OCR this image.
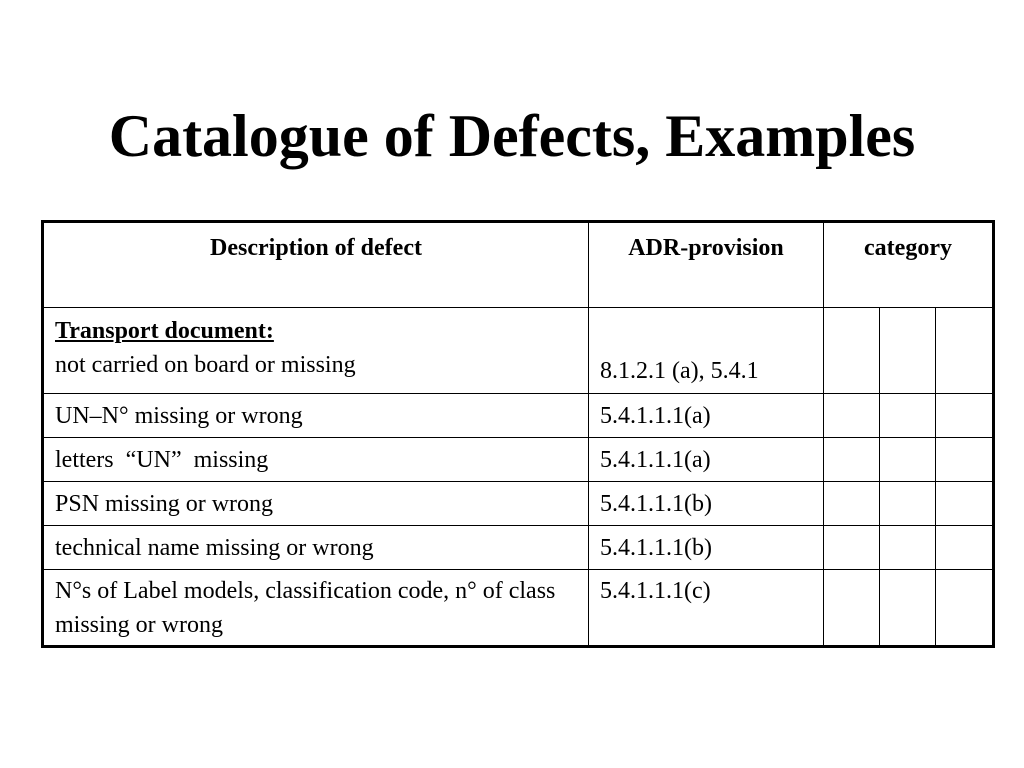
Catalogue of Defects, Examples
Description of defect	ADR-provision	category		

Transport document:
not carried on board or missing	8.1.2.1 (a), 5.4.1			

UN–N° missing or wrong	5.4.1.1.1(a)			
letters  “UN”  missing	5.4.1.1.1(a)			
PSN missing or wrong	5.4.1.1.1(b)			
technical name missing or wrong	5.4.1.1.1(b)			
N°s of Label models, classification code, n° of class missing or wrong	5.4.1.1.1(c)			
